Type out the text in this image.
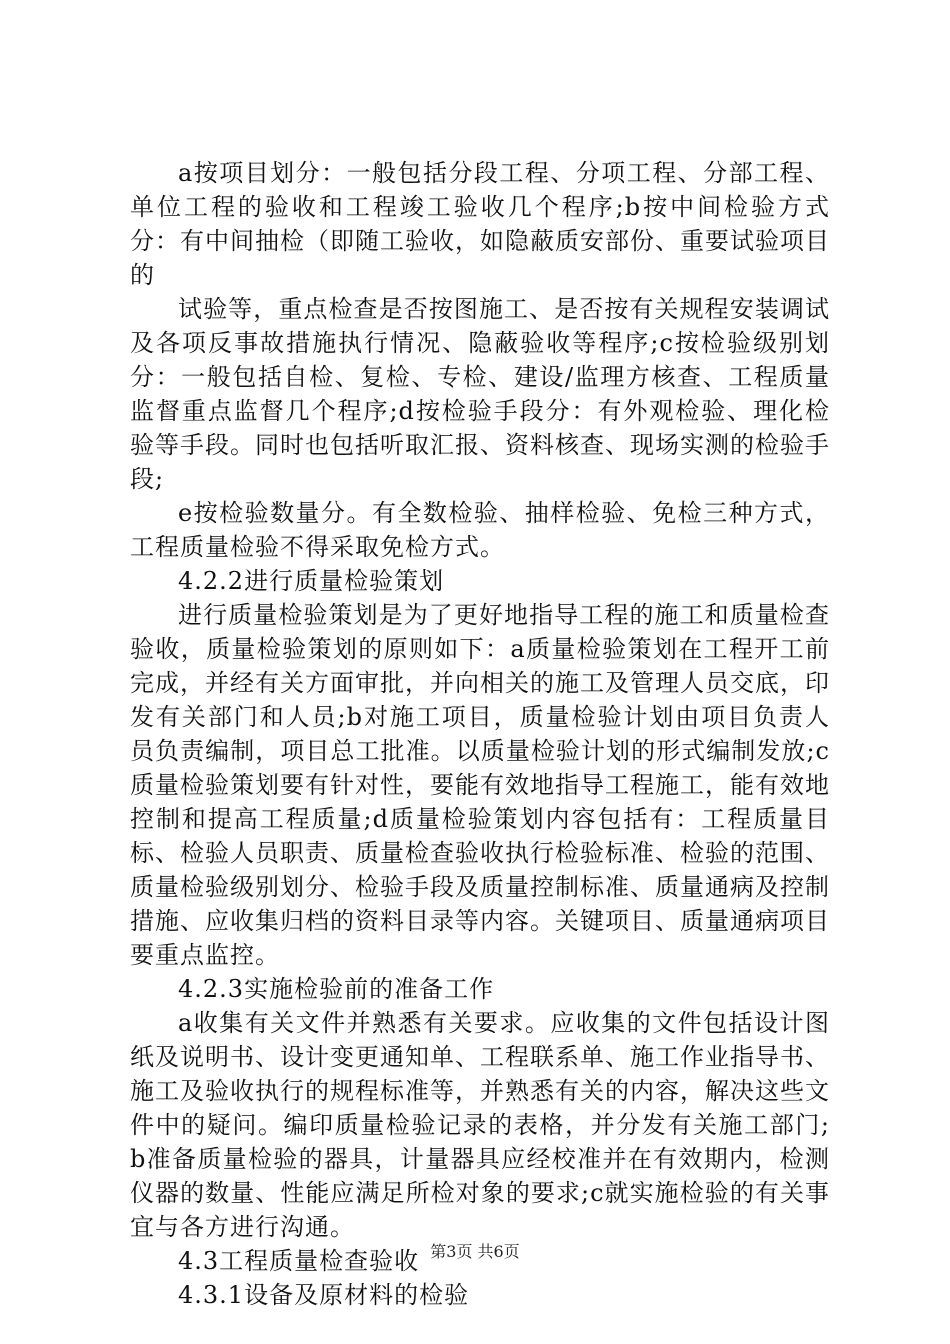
a按项目划分：一般包括分段工程、分项工程、分部工程、单位工程的验收和工程竣工验收几个程序;b按中间检验方式分：有中间抽检（即随工验收，如隐蔽质安部份、重要试验项目的

试验等，重点检查是否按图施工、是否按有关规程安装调试及各项反事故措施执行情况、隐蔽验收等程序;c按检验级别划分：一般包括自检、复检、专检、建设/监理方核查、工程质量监督重点监督几个程序;d按检验手段分：有外观检验、理化检验等手段。同时也包括听取汇报、资料核查、现场实测的检验手段;

e按检验数量分。有全数检验、抽样检验、免检三种方式，工程质量检验不得采取免检方式。

4.2.2进行质量检验策划

进行质量检验策划是为了更好地指导工程的施工和质量检查验收，质量检验策划的原则如下：a质量检验策划在工程开工前完成，并经有关方面审批，并向相关的施工及管理人员交底，印发有关部门和人员;b对施工项目，质量检验计划由项目负责人员负责编制，项目总工批准。以质量检验计划的形式编制发放;c质量检验策划要有针对性，要能有效地指导工程施工，能有效地控制和提高工程质量;d质量检验策划内容包括有：工程质量目标、检验人员职责、质量检查验收执行检验标准、检验的范围、质量检验级别划分、检验手段及质量控制标准、质量通病及控制措施、应收集归档的资料目录等内容。关键项目、质量通病项目要重点监控。

4.2.3实施检验前的准备工作

a收集有关文件并熟悉有关要求。应收集的文件包括设计图纸及说明书、设计变更通知单、工程联系单、施工作业指导书、施工及验收执行的规程标准等，并熟悉有关的内容，解决这些文件中的疑问。编印质量检验记录的表格，并分发有关施工部门;b准备质量检验的器具，计量器具应经校准并在有效期内，检测仪器的数量、性能应满足所检对象的要求;c就实施检验的有关事宜与各方进行沟通。

4.3工程质量检查验收

4.3.1设备及原材料的检验

第3页 共6页
